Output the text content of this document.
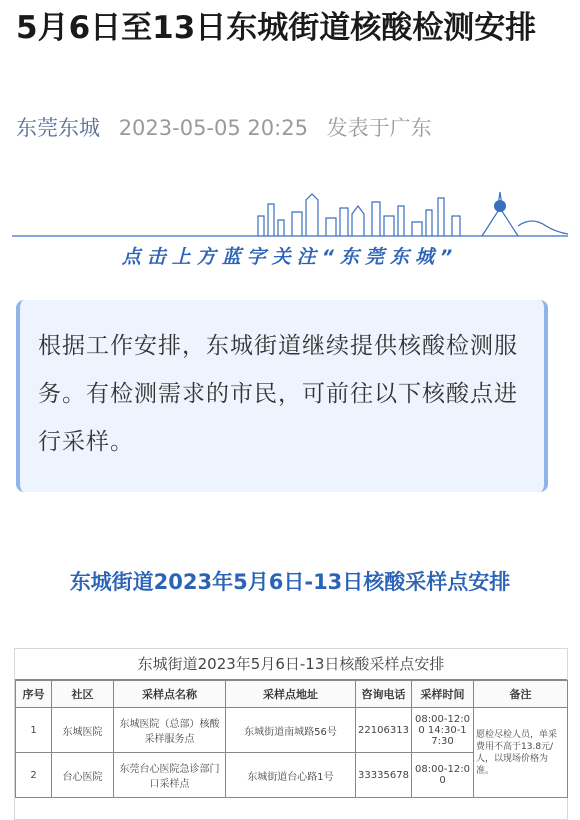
5月6日至13日东城街道核酸检测安排
东莞东城 2023-05-05 20:25 发表于广东
点击上方蓝字关注“东莞东城”
根据工作安排，东城街道继续提供核酸检测服务。有检测需求的市民，可前往以下核酸点进行采样。
东城街道2023年5月6日-13日核酸采样点安排
东城街道2023年5月6日-13日核酸采样点安排
序号	社区	采样点名称	采样点地址	咨询电话	采样时间	备注
1	东城医院	东城医院（总部）核酸采样服务点	东城街道南城路56号	22106313	08:00-12:00 14:30-17:30	愿检尽检人员，单采费用不高于13.8元/人，以现场价格为准。
2	台心医院	东莞台心医院急诊部门口采样点	东城街道台心路1号	33335678	08:00-12:00	
